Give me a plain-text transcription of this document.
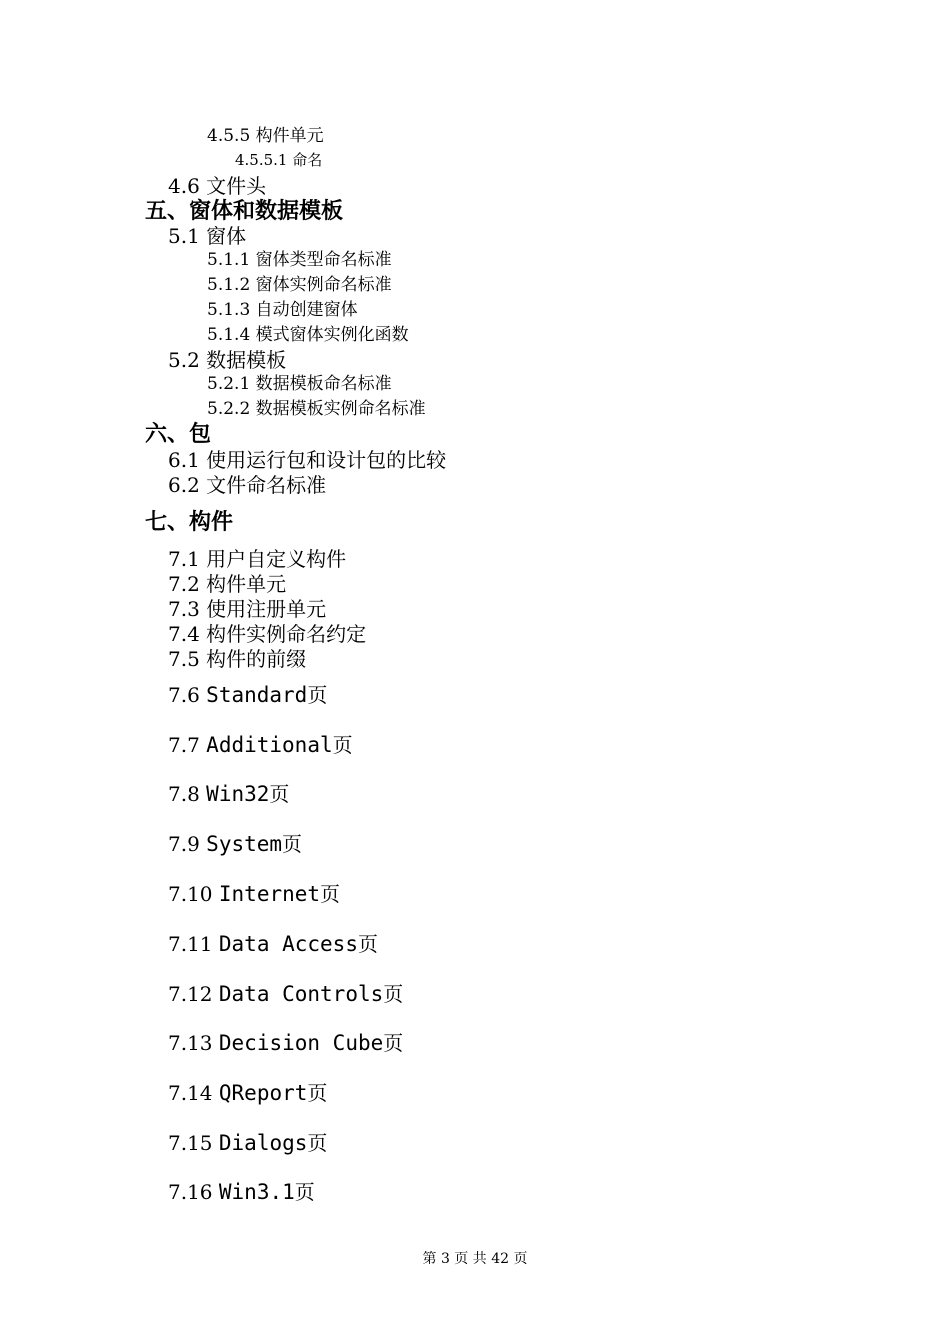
4.5.5 构件单元
4.5.5.1 命名
4.6 文件头
五、窗体和数据模板
5.1 窗体
5.1.1 窗体类型命名标准
5.1.2 窗体实例命名标准
5.1.3 自动创建窗体
5.1.4 模式窗体实例化函数
5.2 数据模板
5.2.1 数据模板命名标准
5.2.2 数据模板实例命名标准
六、包
6.1 使用运行包和设计包的比较
6.2 文件命名标准
七、构件
7.1 用户自定义构件
7.2 构件单元
7.3 使用注册单元
7.4 构件实例命名约定
7.5 构件的前缀
7.6 Standard页
7.7 Additional页
7.8 Win32页
7.9 System页
7.10 Internet页
7.11 Data Access页
7.12 Data Controls页
7.13 Decision Cube页
7.14 QReport页
7.15 Dialogs页
7.16 Win3.1页
第 3 页 共 42 页
